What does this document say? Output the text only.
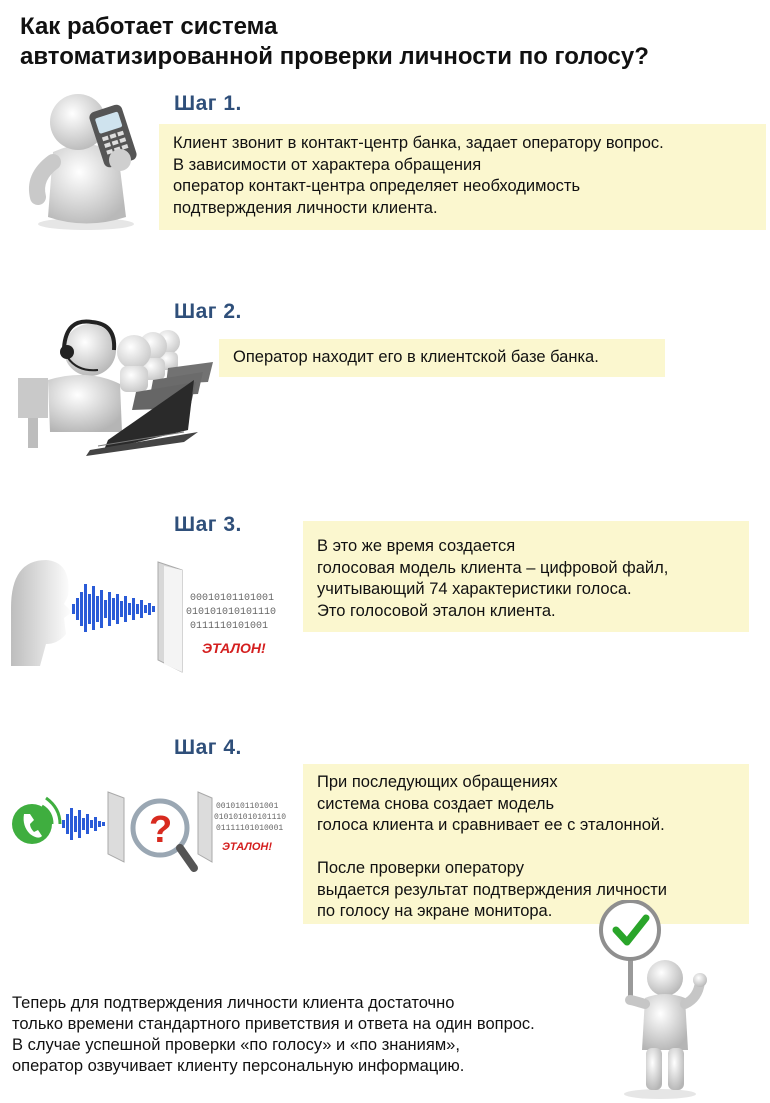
Как работает система
автоматизированной проверки личности по голосу?
Шаг 1.
Клиент звонит в контакт-центр банка, задает оператору вопрос.
В зависимости от характера обращения
оператор контакт-центра определяет необходимость
подтверждения личности клиента.
Шаг 2.
Оператор находит его в клиентской базе банка.
00010101101001
010101010101110
0111110101001
ЭТАЛОН!
Шаг 3.
В это же время создается
голосовая модель клиента – цифровой файл,
учитывающий 74 характеристики голоса.
Это голосовой эталон клиента.
?
0010101101001
010101010101110
01111101010001
ЭТАЛОН!
Шаг 4.
При последующих обращениях
система снова создает модель
голоса клиента и сравнивает ее с эталонной.
После проверки оператору
выдается результат подтверждения личности
по голосу на экране монитора.
Теперь для подтверждения личности клиента достаточно
только времени стандартного приветствия и ответа на один вопрос.
В случае успешной проверки «по голосу» и «по знаниям»,
оператор озвучивает клиенту персональную информацию.
